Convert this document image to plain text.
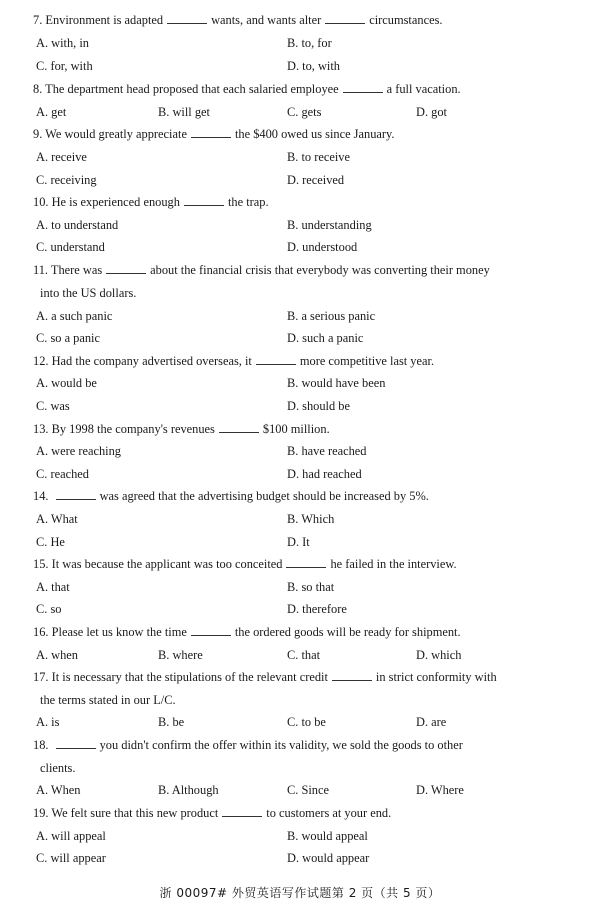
7. Environment is adapted	wants, and wants alter	circumstances.
A. with, in	B. to, for
C. for, with	D. to, with
8. The department head proposed that each salaried employee	a full vacation.
A. get	B. will get	C. gets	D. got
9. We would greatly appreciate	the $400 owed us since January.
A. receive	B. to receive
C. receiving	D. received
10. He is experienced enough	the trap.
A. to understand	B. understanding
C. understand	D. understood
11. There was	about the financial crisis that everybody was converting their money
into the US dollars.
A. a such panic	B. a serious panic
C. so a panic	D. such a panic
12. Had the company advertised overseas, it	more competitive last year.
A. would be	B. would have been
C. was	D. should be
13. By 1998 the company's revenues	$100 million.
A. were reaching	B. have reached
C. reached	D. had reached
14.	was agreed that the advertising budget should be increased by 5%.
A. What	B. Which
C. He	D. It
15. It was because the applicant was too conceited	he failed in the interview.
A. that	B. so that
C. so	D. therefore
16. Please let us know the time	the ordered goods will be ready for shipment.
A. when	B. where	C. that	D. which
17. It is necessary that the stipulations of the relevant credit	in strict conformity with
the terms stated in our L/C.
A. is	B. be	C. to be	D. are
18.	you didn't confirm the offer within its validity, we sold the goods to other
clients.
A. When	B. Although	C. Since	D. Where
19. We felt sure that this new product	to customers at your end.
A. will appeal	B. would appeal
C. will appear	D. would appear
浙 00097# 外贸英语写作试题第 2 页（共 5 页）
